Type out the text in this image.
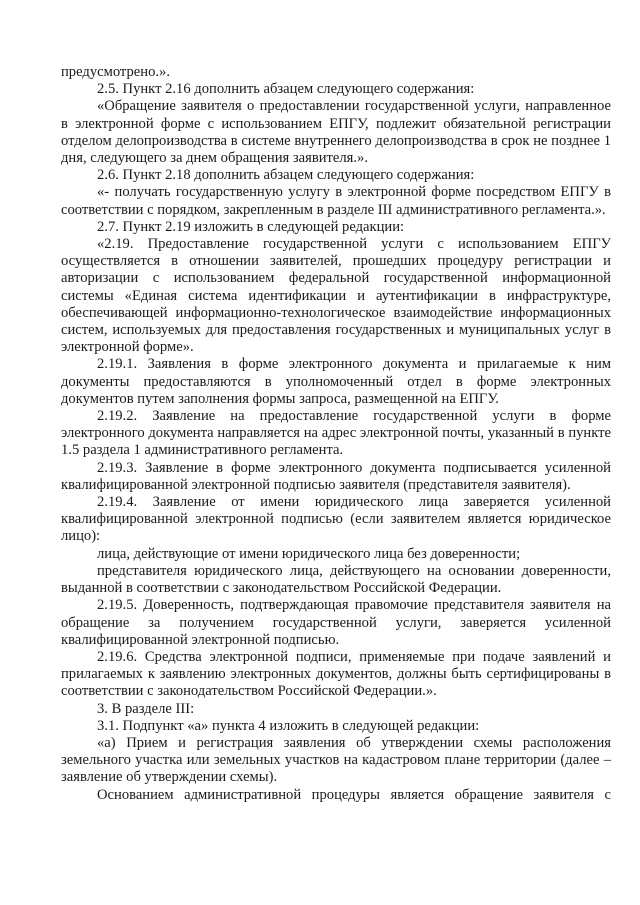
предусмотрено.».

2.5. Пункт 2.16 дополнить абзацем следующего содержания:

«Обращение заявителя о предоставлении государственной услуги, направленное в электронной форме с использованием ЕПГУ, подлежит обязательной регистрации отделом делопроизводства в системе внутреннего делопроизводства в срок не позднее 1 дня, следующего за днем обращения заявителя.».

2.6. Пункт 2.18 дополнить абзацем следующего содержания:

«- получать государственную услугу в электронной форме посредством ЕПГУ в соответствии с порядком, закрепленным в разделе III административного регламента.».

2.7. Пункт 2.19 изложить в следующей редакции:

«2.19. Предоставление государственной услуги с использованием ЕПГУ осуществляется в отношении заявителей, прошедших процедуру регистрации и авторизации с использованием федеральной государственной информационной системы «Единая система идентификации и аутентификации в инфраструктуре, обеспечивающей информационно-технологическое взаимодействие информационных систем, используемых для предоставления государственных и муниципальных услуг в электронной форме».

2.19.1. Заявления в форме электронного документа и прилагаемые к ним документы предоставляются в уполномоченный отдел в форме электронных документов путем заполнения формы запроса, размещенной на ЕПГУ.

2.19.2. Заявление на предоставление государственной услуги в форме электронного документа направляется на адрес электронной почты, указанный в пункте 1.5 раздела 1 административного регламента.

2.19.3. Заявление в форме электронного документа подписывается усиленной квалифицированной электронной подписью заявителя (представителя заявителя).

2.19.4. Заявление от имени юридического лица заверяется усиленной квалифицированной электронной подписью (если заявителем является юридическое лицо):

лица, действующие от имени юридического лица без доверенности;

представителя юридического лица, действующего на основании доверенности, выданной в соответствии с законодательством Российской Федерации.

2.19.5. Доверенность, подтверждающая правомочие представителя заявителя на обращение за получением государственной услуги, заверяется усиленной квалифицированной электронной подписью.

2.19.6. Средства электронной подписи, применяемые при подаче заявлений и прилагаемых к заявлению электронных документов, должны быть сертифицированы в соответствии с законодательством Российской Федерации.».

3. В разделе III:

3.1. Подпункт «а» пункта 4 изложить в следующей редакции:

«а) Прием и регистрация заявления об утверждении схемы расположения земельного участка или земельных участков на кадастровом плане территории (далее – заявление об утверждении схемы).

Основанием административной процедуры является обращение заявителя с
